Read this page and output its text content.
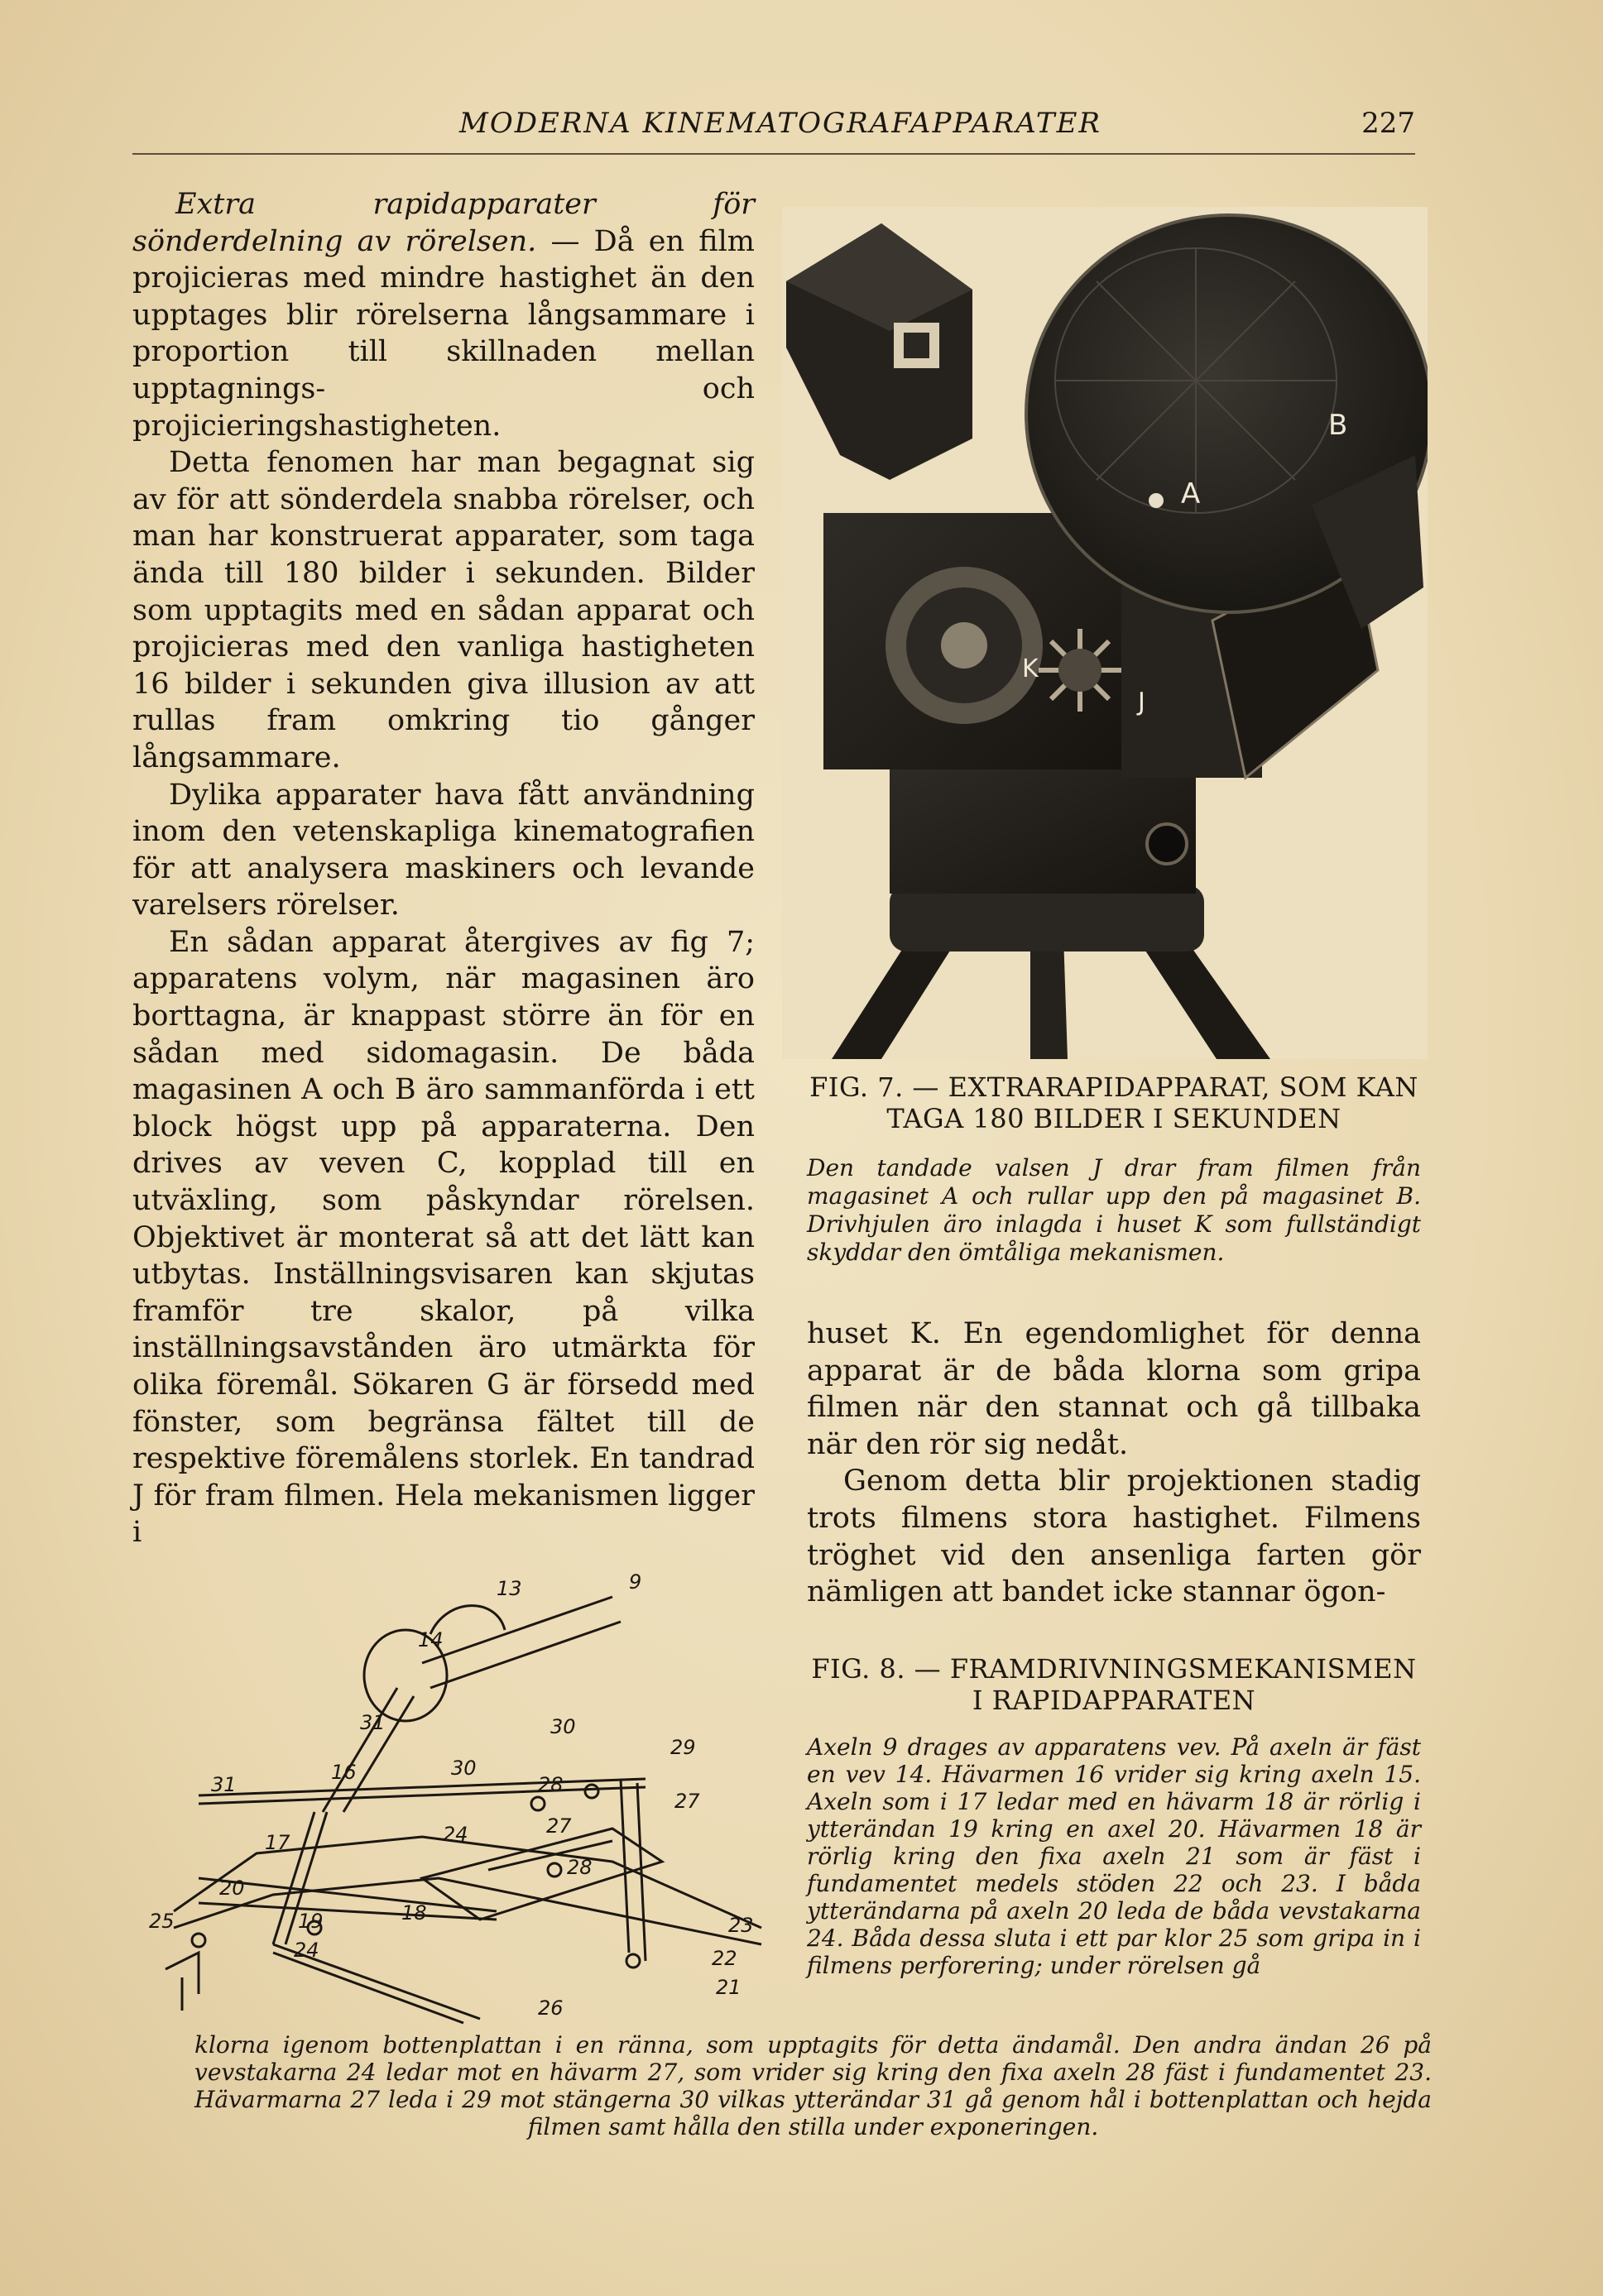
MODERNA KINEMATOGRAFAPPARATER	227

Extra rapidapparater för sönderdelning av rörelsen. — Då en film projicieras med mindre hastighet än den upptages blir rörelserna långsammare i proportion till skillnaden mellan upptagnings- och projicieringshastigheten.

Detta fenomen har man begagnat sig av för att sönderdela snabba rörelser, och man har konstruerat apparater, som taga ända till 180 bilder i sekunden. Bilder som upptagits med en sådan apparat och projicieras med den vanliga hastigheten 16 bilder i sekunden giva illusion av att rullas fram omkring tio gånger långsammare.

Dylika apparater hava fått användning inom den vetenskapliga kinematografien för att analysera maskiners och levande varelsers rörelser.

En sådan apparat återgives av fig 7; apparatens volym, när magasinen äro borttagna, är knappast större än för en sådan med sidomagasin. De båda magasinen A och B äro sammanförda i ett block högst upp på apparaterna. Den drives av veven C, kopplad till en utväxling, som påskyndar rörelsen. Objektivet är monterat så att det lätt kan utbytas. Inställningsvisaren kan skjutas framför tre skalor, på vilka inställningsavstånden äro utmärkta för olika föremål. Sökaren G är försedd med fönster, som begränsa fältet till de respektive föremålens storlek. En tandrad J för fram filmen. Hela mekanismen ligger i

B
A
K
J
FIG. 7. — EXTRARAPIDAPPARAT, SOM KAN TAGA 180 BILDER I SEKUNDEN
Den tandade valsen J drar fram filmen från magasinet A och rullar upp den på magasinet B. Drivhjulen äro inlagda i huset K som fullständigt skyddar den ömtåliga mekanismen.

huset K. En egendomlighet för denna apparat är de båda klorna som gripa filmen när den stannat och gå tillbaka när den rör sig nedåt.

Genom detta blir projektionen stadig trots filmens stora hastighet. Filmens tröghet vid den ansenliga farten gör nämligen att bandet icke stannar ögon-

9
13
14
31	30
31
16	30
29
28
27
27
17	24
28
20
25	19	18
24
23
22
21
26
FIG. 8. — FRAMDRIVNINGSMEKANISMEN I RAPIDAPPARATEN
Axeln 9 drages av apparatens vev. På axeln är fäst en vev 14. Hävarmen 16 vrider sig kring axeln 15. Axeln som i 17 ledar med en hävarm 18 är rörlig i ytterändan 19 kring en axel 20. Hävarmen 18 är rörlig kring den fixa axeln 21 som är fäst i fundamentet medels stöden 22 och 23. I båda ytterändarna på axeln 20 leda de båda vevstakarna 24. Båda dessa sluta i ett par klor 25 som gripa in i filmens perforering; under rörelsen gå
klorna igenom bottenplattan i en ränna, som upptagits för detta ändamål. Den andra ändan 26 på vevstakarna 24 ledar mot en hävarm 27, som vrider sig kring den fixa axeln 28 fäst i fundamentet 23. Hävarmarna 27 leda i 29 mot stängerna 30 vilkas ytterändar 31 gå genom hål i bottenplattan och hejda filmen samt hålla den stilla under exponeringen.
